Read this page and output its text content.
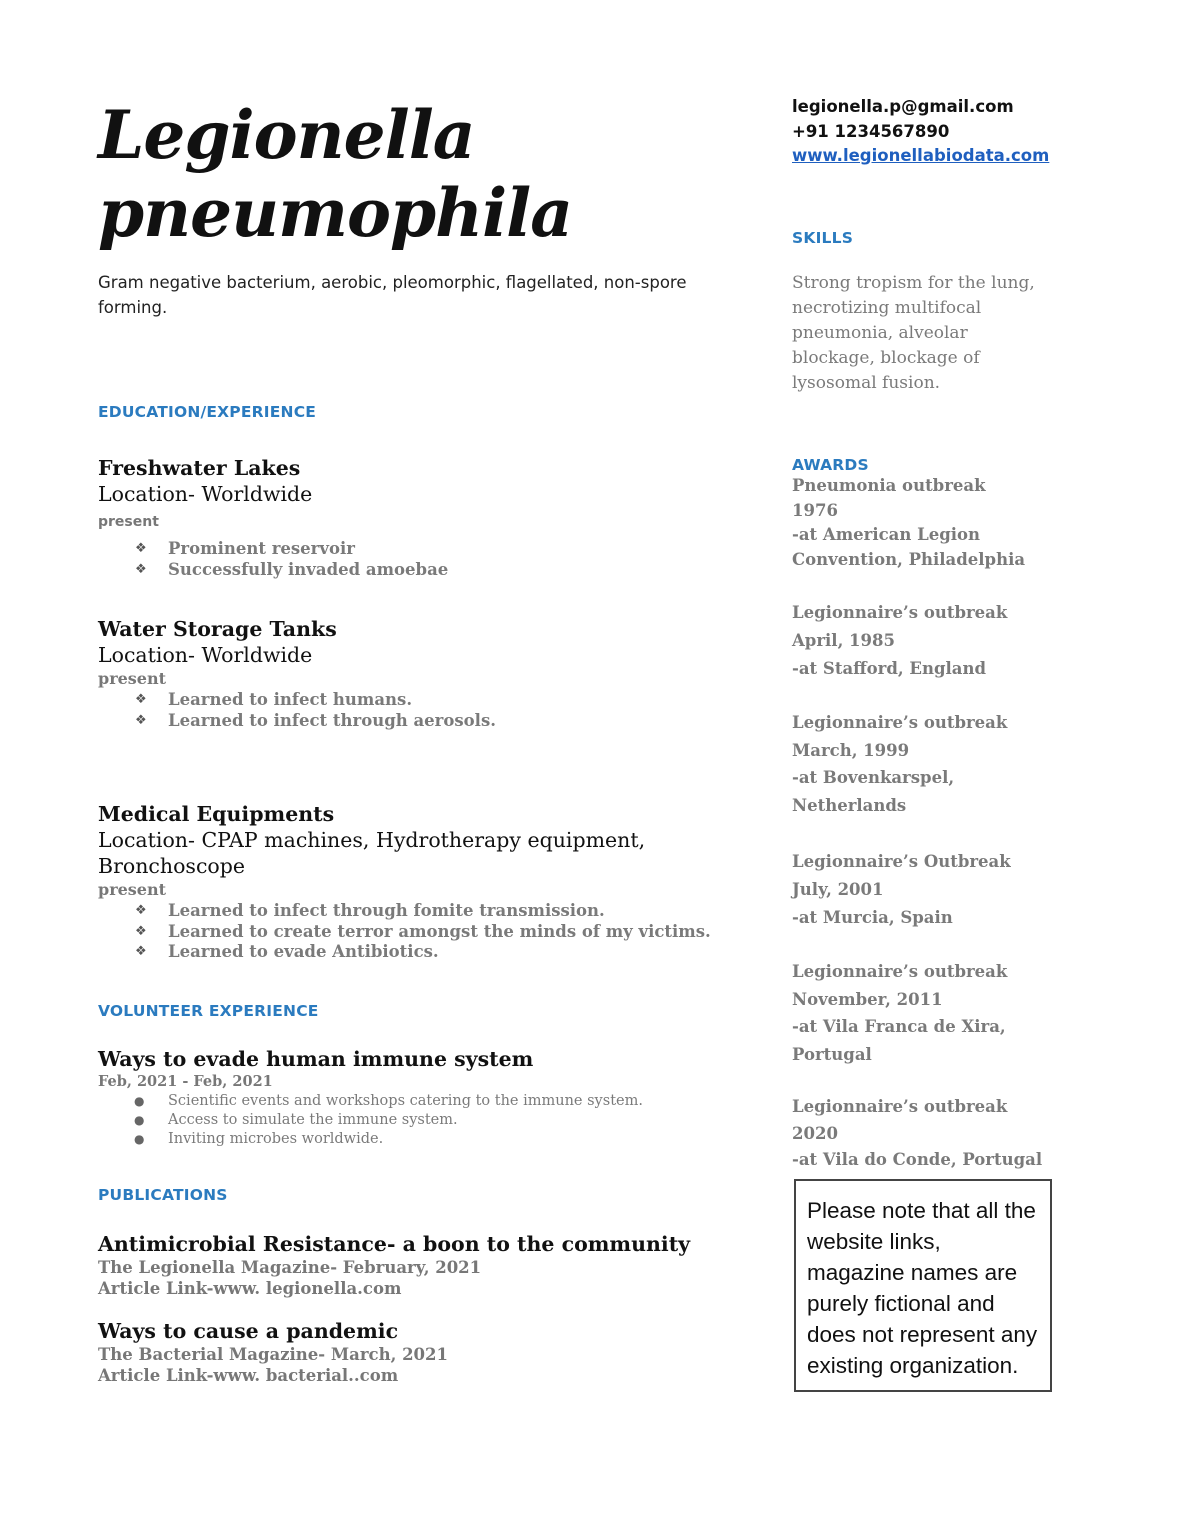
Legionella
pneumophila
Gram negative bacterium, aerobic, pleomorphic, flagellated, non-spore forming.
EDUCATION/EXPERIENCE
Freshwater Lakes
Location- Worldwide
present
❖ Prominent reservoir
❖ Successfully invaded amoebae
Water Storage Tanks
Location- Worldwide
present
❖ Learned to infect humans.
❖ Learned to infect through aerosols.
Medical Equipments
Location- CPAP machines, Hydrotherapy equipment,
Bronchoscope
present
❖ Learned to infect through fomite transmission.
❖ Learned to create terror amongst the minds of my victims.
❖ Learned to evade Antibiotics.
VOLUNTEER EXPERIENCE
Ways to evade human immune system
Feb, 2021 - Feb, 2021
● Scientific events and workshops catering to the immune system.
● Access to simulate the immune system.
● Inviting microbes worldwide.
PUBLICATIONS
Antimicrobial Resistance- a boon to the community
The Legionella Magazine- February, 2021
Article Link-www. legionella.com
Ways to cause a pandemic
The Bacterial Magazine- March, 2021
Article Link-www. bacterial..com
legionella.p@gmail.com
+91 1234567890
www.legionellabiodata.com
SKILLS
Strong tropism for the lung, necrotizing multifocal pneumonia, alveolar blockage, blockage of lysosomal fusion.
AWARDS
Pneumonia outbreak
1976
-at American Legion
Convention, Philadelphia
Legionnaire’s outbreak
April, 1985
-at Stafford, England
Legionnaire’s outbreak
March, 1999
-at Bovenkarspel,
Netherlands
Legionnaire’s Outbreak
July, 2001
-at Murcia, Spain
Legionnaire’s outbreak
November, 2011
-at Vila Franca de Xira,
Portugal
Legionnaire’s outbreak
2020
-at Vila do Conde, Portugal
Please note that all the website links, magazine names are purely fictional and does not represent any existing organization.
